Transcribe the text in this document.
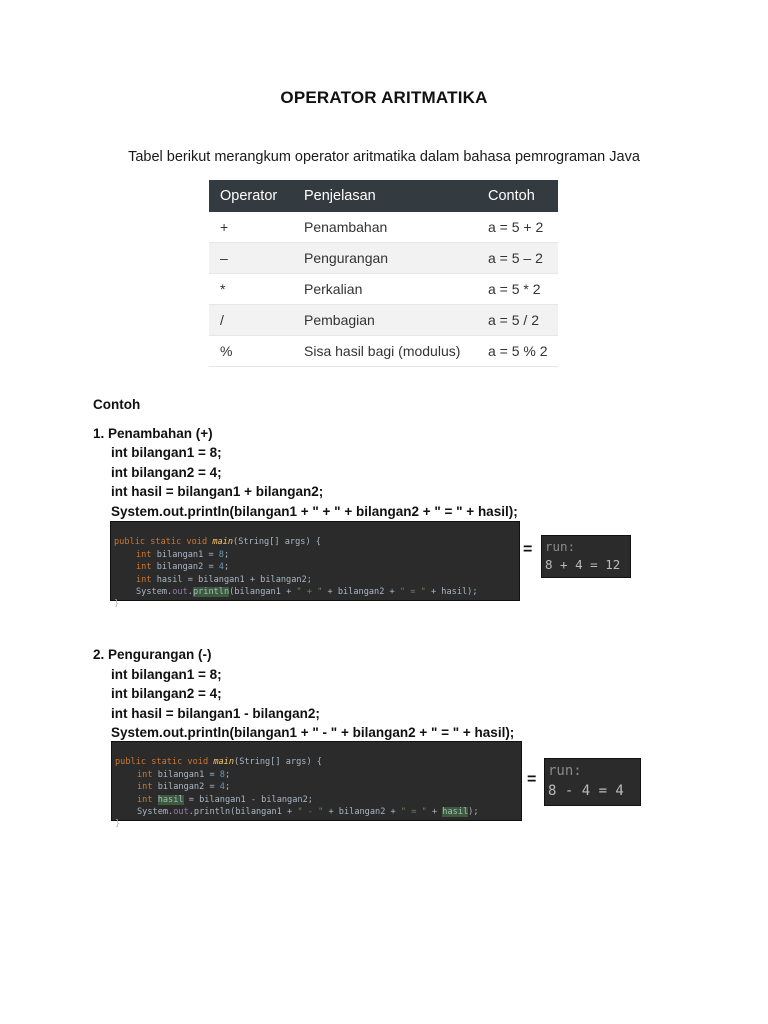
OPERATOR ARITMATIKA
Tabel berikut merangkum operator aritmatika dalam bahasa pemrograman Java
Operator	Penjelasan	Contoh
+	Penambahan	a = 5 + 2
–	Pengurangan	a = 5 – 2
*	Perkalian	a = 5 * 2
/	Pembagian	a = 5 / 2
%	Sisa hasil bagi (modulus)	a = 5 % 2
Contoh
1. Penambahan (+)
int bilangan1 = 8;
int bilangan2 = 4;
int hasil = bilangan1 + bilangan2;
System.out.println(bilangan1 + " + " + bilangan2 + " = " + hasil);

public static void main(String[] args) {
int bilangan1 = 8;
int bilangan2 = 4;
int hasil = bilangan1 + bilangan2;
System.out.println(bilangan1 + " + " + bilangan2 + " = " + hasil);
}
= run:
8 + 4 = 12
2. Pengurangan (-)
int bilangan1 = 8;
int bilangan2 = 4;
int hasil = bilangan1 - bilangan2;
System.out.println(bilangan1 + " - " + bilangan2 + " = " + hasil);

public static void main(String[] args) {
int bilangan1 = 8;
int bilangan2 = 4;
int hasil = bilangan1 - bilangan2;
System.out.println(bilangan1 + " - " + bilangan2 + " = " + hasil);
}
= run:
8 - 4 = 4
